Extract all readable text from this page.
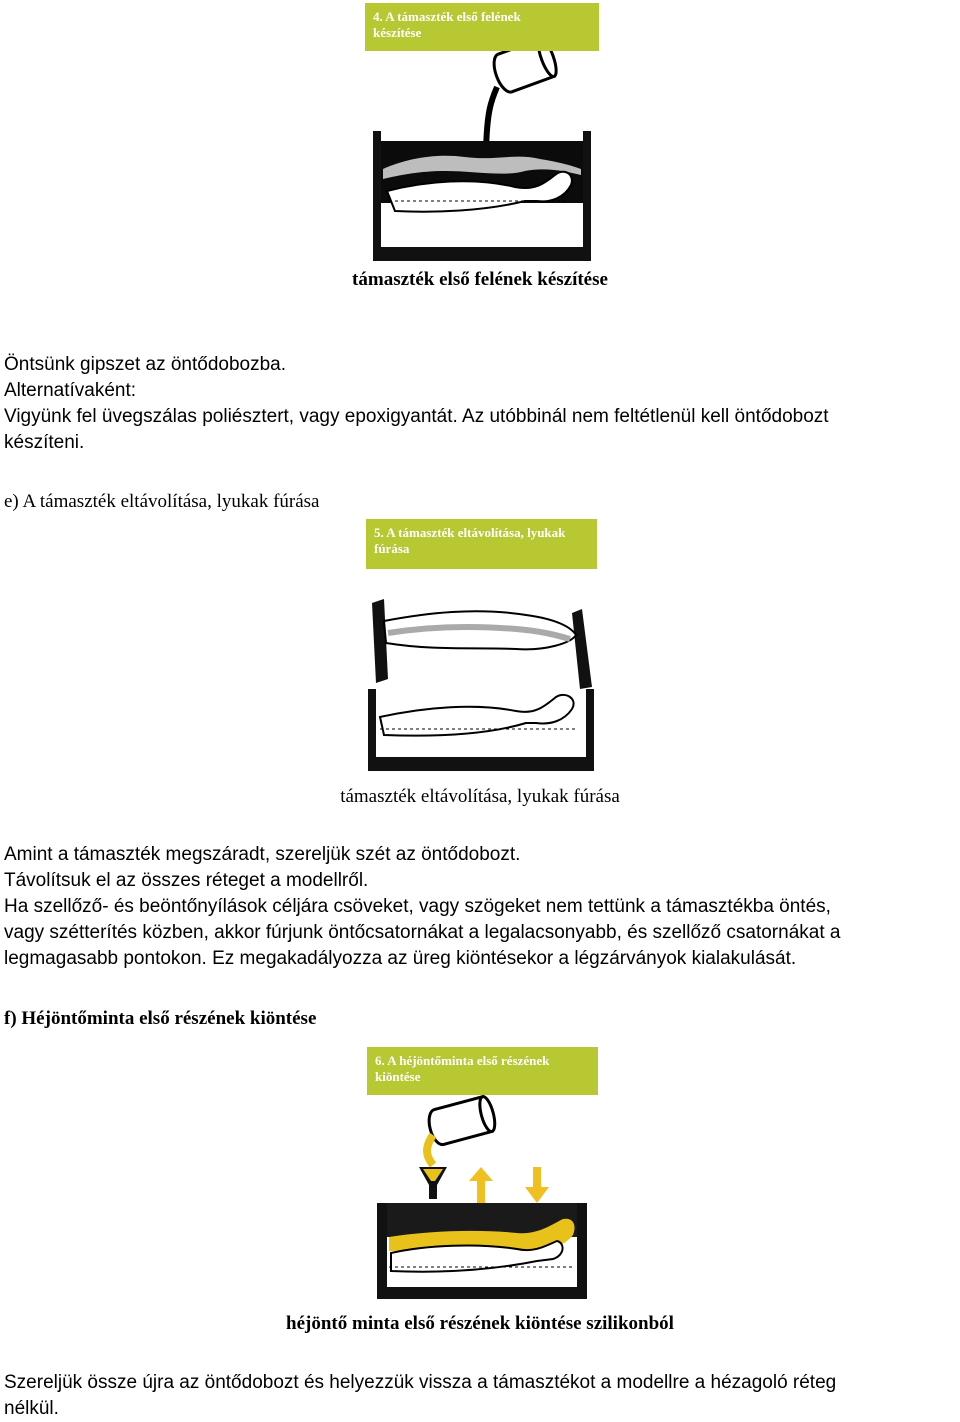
4. A támaszték első felének
készítése
támaszték első felének készítése
Öntsünk gipszet az öntődobozba.
Alternatívaként:
Vigyünk fel üvegszálas poliésztert, vagy epoxigyantát. Az utóbbinál nem feltétlenül kell öntődobozt
készíteni.
e) A támaszték eltávolítása, lyukak fúrása
5. A támaszték eltávolítása, lyukak
fúrása
támaszték eltávolítása, lyukak fúrása
Amint a támaszték megszáradt, szereljük szét az öntődobozt.
Távolítsuk el az összes réteget a modellről.
Ha szellőző- és beöntőnyílások céljára csöveket, vagy szögeket nem tettünk a támasztékba öntés,
vagy szétterítés közben, akkor fúrjunk öntőcsatornákat a legalacsonyabb, és szellőző csatornákat a
legmagasabb pontokon. Ez megakadályozza az üreg kiöntésekor a légzárványok kialakulását.
f) Héjöntőminta első részének kiöntése
6. A héjöntőminta első részének
kiöntése
héjöntő minta első részének kiöntése szilikonból
Szereljük össze újra az öntődobozt és helyezzük vissza a támasztékot a modellre a hézagoló réteg
nélkül.
